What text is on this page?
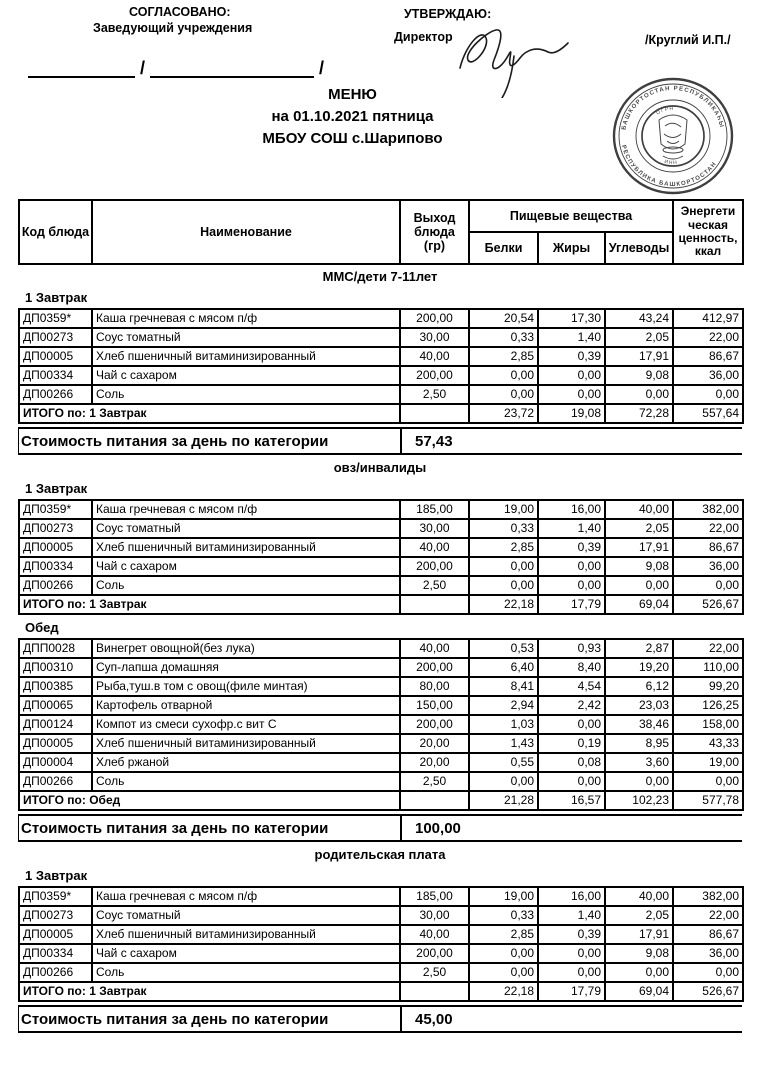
СОГЛАСОВАНО:
Заведующий учреждения
УТВЕРЖДАЮ:
Директор	/Круглий И.П./
/	/
МЕНЮ
на 01.10.2021 пятница
МБОУ СОШ с.Шарипово
БАШКОРТОСТАН РЕСПУБЛИКАҺЫ
РЕСПУБЛИКА БАШКОРТОСТАН
ОГРН
ИНН
Код блюда	Наименование	Выход блюда (гр)	Пищевые вещества			Энергети ческая ценность, ккал
			Белки	Жиры	Углеводы	
ММС/дети 7-11лет
1 Завтрак
ДП0359*	Каша гречневая с мясом п/ф	200,00	20,54	17,30	43,24	412,97
ДП00273	Соус томатный	30,00	0,33	1,40	2,05	22,00
ДП00005	Хлеб пшеничный витаминизированный	40,00	2,85	0,39	17,91	86,67
ДП00334	Чай с сахаром	200,00	0,00	0,00	9,08	36,00
ДП00266	Соль	2,50	0,00	0,00	0,00	0,00
ИТОГО по: 1 Завтрак			23,72	19,08	72,28	557,64
Стоимость питания за день по категории	57,43
овз/инвалиды
1 Завтрак
ДП0359*	Каша гречневая с мясом п/ф	185,00	19,00	16,00	40,00	382,00
ДП00273	Соус томатный	30,00	0,33	1,40	2,05	22,00
ДП00005	Хлеб пшеничный витаминизированный	40,00	2,85	0,39	17,91	86,67
ДП00334	Чай с сахаром	200,00	0,00	0,00	9,08	36,00
ДП00266	Соль	2,50	0,00	0,00	0,00	0,00
ИТОГО по: 1 Завтрак			22,18	17,79	69,04	526,67
Обед
ДПП0028	Винегрет овощной(без лука)	40,00	0,53	0,93	2,87	22,00
ДП00310	Суп-лапша домашняя	200,00	6,40	8,40	19,20	110,00
ДП00385	Рыба,туш.в том с овощ(филе минтая)	80,00	8,41	4,54	6,12	99,20
ДП00065	Картофель отварной	150,00	2,94	2,42	23,03	126,25
ДП00124	Компот из смеси сухофр.с вит С	200,00	1,03	0,00	38,46	158,00
ДП00005	Хлеб пшеничный витаминизированный	20,00	1,43	0,19	8,95	43,33
ДП00004	Хлеб ржаной	20,00	0,55	0,08	3,60	19,00
ДП00266	Соль	2,50	0,00	0,00	0,00	0,00
ИТОГО по: Обед			21,28	16,57	102,23	577,78
Стоимость питания за день по категории	100,00
родительская плата
1 Завтрак
ДП0359*	Каша гречневая с мясом п/ф	185,00	19,00	16,00	40,00	382,00
ДП00273	Соус томатный	30,00	0,33	1,40	2,05	22,00
ДП00005	Хлеб пшеничный витаминизированный	40,00	2,85	0,39	17,91	86,67
ДП00334	Чай с сахаром	200,00	0,00	0,00	9,08	36,00
ДП00266	Соль	2,50	0,00	0,00	0,00	0,00
ИТОГО по: 1 Завтрак			22,18	17,79	69,04	526,67
Стоимость питания за день по категории	45,00
